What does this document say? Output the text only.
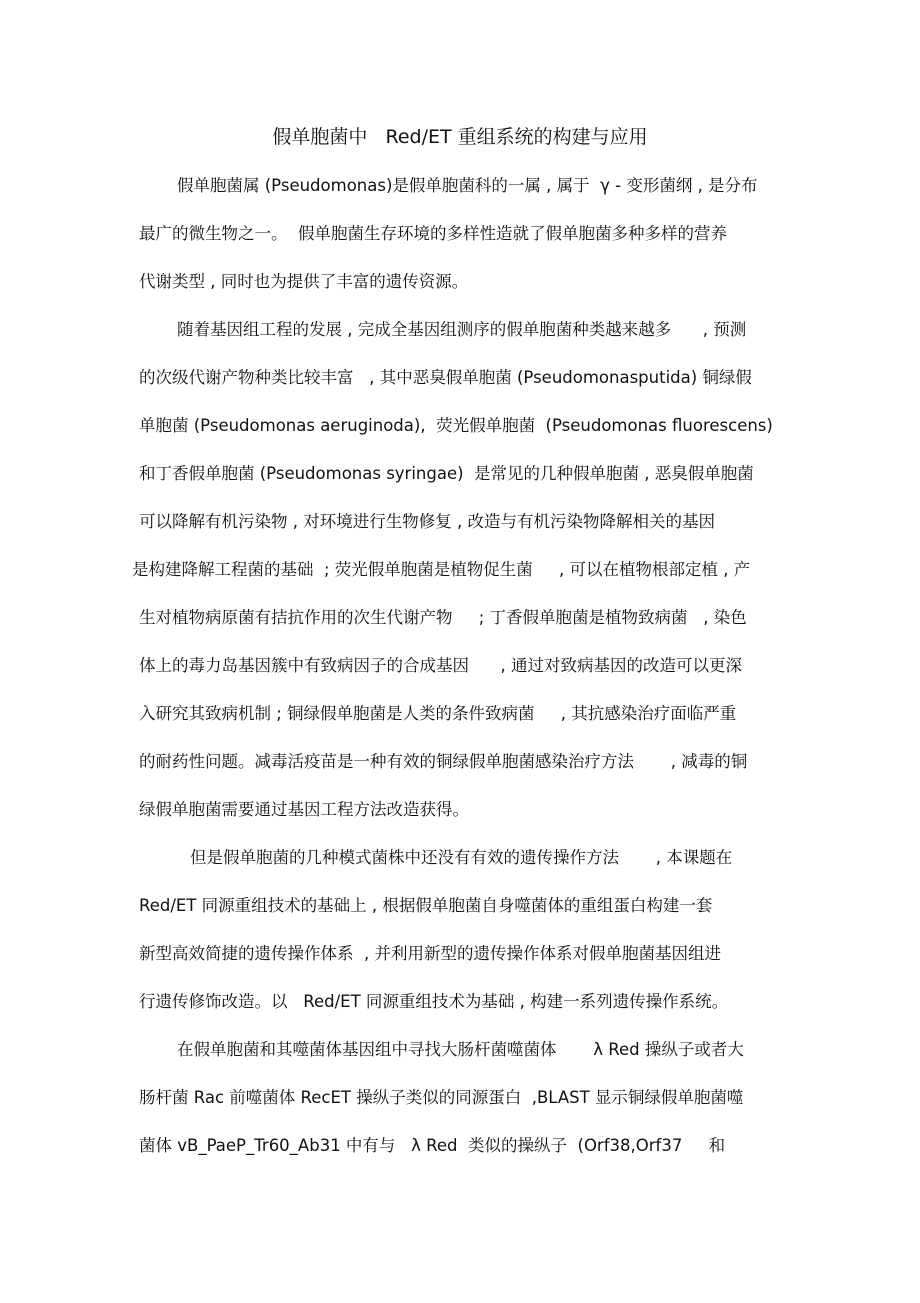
假单胞菌中   Red/ET 重组系统的构建与应用
假单胞菌属 (Pseudomonas)是假单胞菌科的一属 , 属于  γ - 变形菌纲 , 是分布
最广的微生物之一。  假单胞菌生存环境的多样性造就了假单胞菌多种多样的营养
代谢类型 , 同时也为提供了丰富的遗传资源。
随着基因组工程的发展 , 完成全基因组测序的假单胞菌种类越来越多      , 预测
的次级代谢产物种类比较丰富   , 其中恶臭假单胞菌 (Pseudomonasputida) 铜绿假
单胞菌 (Pseudomonas aeruginoda),  荧光假单胞菌  (Pseudomonas fluorescens)
和丁香假单胞菌 (Pseudomonas syringae)  是常见的几种假单胞菌 , 恶臭假单胞菌
可以降解有机污染物 , 对环境进行生物修复 , 改造与有机污染物降解相关的基因
是构建降解工程菌的基础  ; 荧光假单胞菌是植物促生菌     , 可以在植物根部定植 , 产
生对植物病原菌有拮抗作用的次生代谢产物     ; 丁香假单胞菌是植物致病菌   , 染色
体上的毒力岛基因簇中有致病因子的合成基因      , 通过对致病基因的改造可以更深
入研究其致病机制 ; 铜绿假单胞菌是人类的条件致病菌     , 其抗感染治疗面临严重
的耐药性问题。减毒活疫苗是一种有效的铜绿假单胞菌感染治疗方法       , 减毒的铜
绿假单胞菌需要通过基因工程方法改造获得。
但是假单胞菌的几种模式菌株中还没有有效的遗传操作方法       , 本课题在
Red/ET 同源重组技术的基础上 , 根据假单胞菌自身噬菌体的重组蛋白构建一套
新型高效简捷的遗传操作体系  , 并利用新型的遗传操作体系对假单胞菌基因组进
行遗传修饰改造。以   Red/ET 同源重组技术为基础 , 构建一系列遗传操作系统。
在假单胞菌和其噬菌体基因组中寻找大肠杆菌噬菌体       λ Red 操纵子或者大
肠杆菌 Rac 前噬菌体 RecET 操纵子类似的同源蛋白  ,BLAST 显示铜绿假单胞菌噬
菌体 vB_PaeP_Tr60_Ab31 中有与   λ Red  类似的操纵子  (Orf38,Orf37     和
